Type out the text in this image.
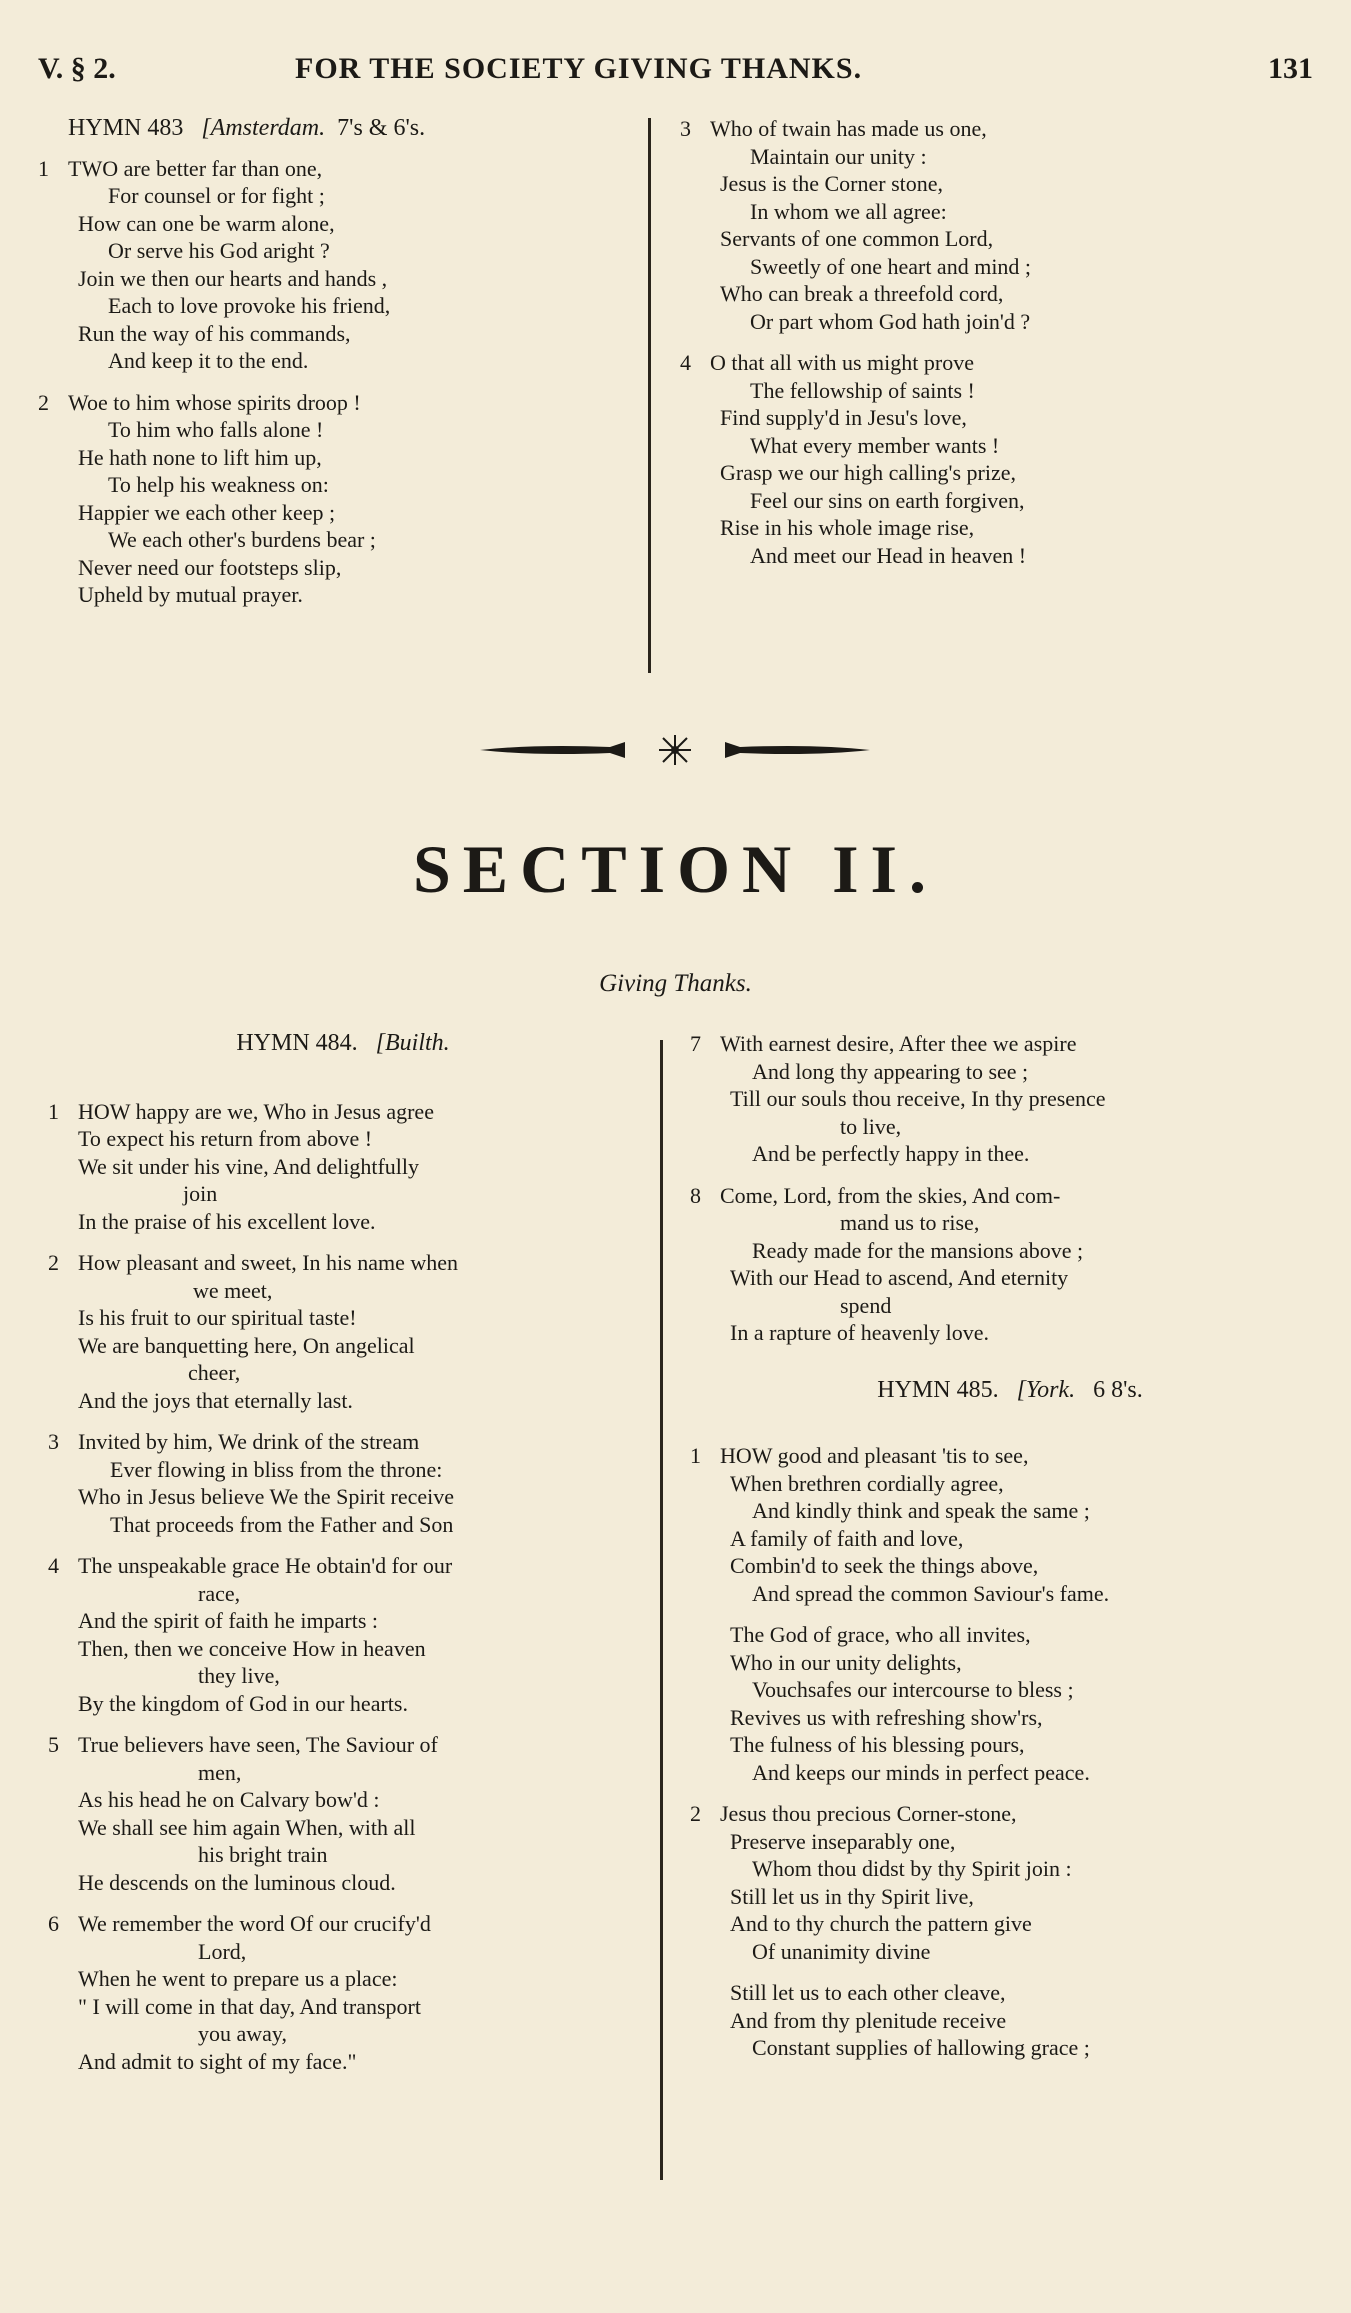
V. § 2.	FOR THE SOCIETY GIVING THANKS.	131
HYMN 483 [Amsterdam. 7's & 6's.
1 TWO are better far than one,
For counsel or for fight ;
How can one be warm alone,
Or serve his God aright ?
Join we then our hearts and hands ,
Each to love provoke his friend,
Run the way of his commands,
And keep it to the end.
2 Woe to him whose spirits droop !
To him who falls alone !
He hath none to lift him up,
To help his weakness on:
Happier we each other keep ;
We each other's burdens bear ;
Never need our footsteps slip,
Upheld by mutual prayer.
3 Who of twain has made us one,
Maintain our unity :
Jesus is the Corner stone,
In whom we all agree:
Servants of one common Lord,
Sweetly of one heart and mind ;
Who can break a threefold cord,
Or part whom God hath join'd ?
4 O that all with us might prove
The fellowship of saints !
Find supply'd in Jesu's love,
What every member wants !
Grasp we our high calling's prize,
Feel our sins on earth forgiven,
Rise in his whole image rise,
And meet our Head in heaven !
SECTION II.
Giving Thanks.
HYMN 484. [Builth.
1 HOW happy are we, Who in Jesus agree
To expect his return from above !
We sit under his vine, And delightfully
join
In the praise of his excellent love.
2 How pleasant and sweet, In his name when
we meet,
Is his fruit to our spiritual taste!
We are banquetting here, On angelical
cheer,
And the joys that eternally last.
3 Invited by him, We drink of the stream
Ever flowing in bliss from the throne:
Who in Jesus believe We the Spirit receive
That proceeds from the Father and Son
4 The unspeakable grace He obtain'd for our
race,
And the spirit of faith he imparts :
Then, then we conceive How in heaven
they live,
By the kingdom of God in our hearts.
5 True believers have seen, The Saviour of
men,
As his head he on Calvary bow'd :
We shall see him again When, with all
his bright train
He descends on the luminous cloud.
6 We remember the word Of our crucify'd
Lord,
When he went to prepare us a place:
" I will come in that day, And transport
you away,
And admit to sight of my face."
7 With earnest desire, After thee we aspire
And long thy appearing to see ;
Till our souls thou receive, In thy presence
to live,
And be perfectly happy in thee.
8 Come, Lord, from the skies, And com-
mand us to rise,
Ready made for the mansions above ;
With our Head to ascend, And eternity
spend
In a rapture of heavenly love.
HYMN 485. [York. 6 8's.
1 HOW good and pleasant 'tis to see,
When brethren cordially agree,
And kindly think and speak the same ;
A family of faith and love,
Combin'd to seek the things above,
And spread the common Saviour's fame.
The God of grace, who all invites,
Who in our unity delights,
Vouchsafes our intercourse to bless ;
Revives us with refreshing show'rs,
The fulness of his blessing pours,
And keeps our minds in perfect peace.
2 Jesus thou precious Corner-stone,
Preserve inseparably one,
Whom thou didst by thy Spirit join :
Still let us in thy Spirit live,
And to thy church the pattern give
Of unanimity divine
Still let us to each other cleave,
And from thy plenitude receive
Constant supplies of hallowing grace ;
